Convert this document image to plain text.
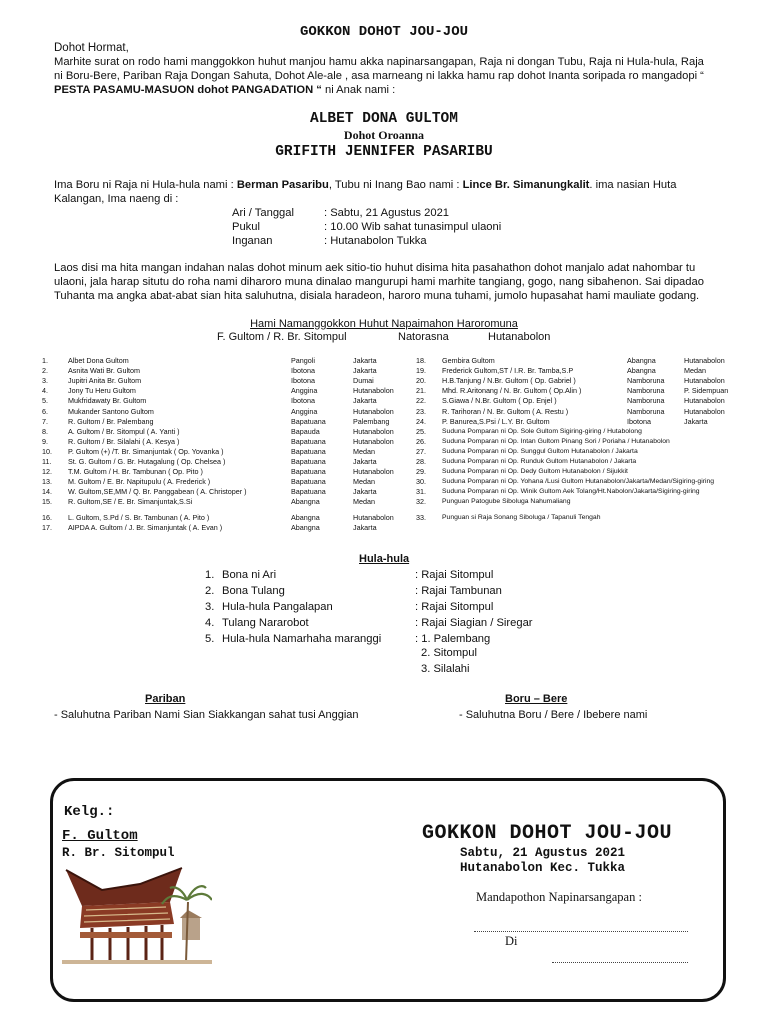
GOKKON DOHOT JOU-JOU
Dohot Hormat,
Marhite surat on rodo hami manggokkon huhut manjou hamu akka napinarsangapan, Raja ni dongan Tubu, Raja ni Hula-hula, Raja
ni Boru-Bere, Pariban Raja Dongan Sahuta, Dohot Ale-ale , asa marneang ni lakka hamu rap dohot Inanta soripada ro mangadopi “
PESTA PASAMU-MASUON dohot PANGADATION “ ni Anak nami :
ALBET DONA GULTOM
Dohot Oroanna
GRIFITH JENNIFER PASARIBU
Ima Boru ni Raja ni Hula-hula nami : Berman Pasaribu, Tubu ni Inang Bao nami : Lince Br. Simanungkalit. ima nasian Huta
Kalangan, Ima naeng di :
Ari / Tanggal	: Sabtu, 21 Agustus 2021
Pukul	: 10.00 Wib sahat tunasimpul ulaoni
Inganan	: Hutanabolon Tukka
Laos disi ma hita mangan indahan nalas dohot minum aek sitio-tio huhut disima hita pasahathon dohot manjalo adat nahombar tu
ulaoni, jala harap situtu do roha nami diharoro muna dinalao mangurupi hami marhite tangiang, gogo, nang sibahenon. Sai dipadao
Tuhanta ma angka abat-abat sian hita saluhutna, disiala haradeon, haroro muna tuhami, jumolo hupasahat hami mauliate godang.
Hami Namanggokkon Huhut Napaimahon Haroromuna
F. Gultom / R. Br. Sitompul	Natorasna	Hutanabolon
1.	Albet Dona Gultom	Pangoli	Jakarta
2.	Asnita Wati Br. Gultom	Ibotona	Jakarta
3.	Jupitri Anita Br. Gultom	Ibotona	Dumai
4.	Jony Tu Heru Gultom	Anggina	Hutanabolon
5.	Mukfridawaty Br. Gultom	Ibotona	Jakarta
6.	Mukander Santono Gultom	Anggina	Hutanabolon
7.	R. Gultom / Br. Palembang	Bapatuana	Palembang
8.	A. Gultom / Br. Sitompul ( A. Yanti )	Bapauda	Hutanabolon
9.	R. Gultom / Br. Silalahi ( A. Kesya )	Bapatuana	Hutanabolon
10. P. Gultom (+) /T. Br. Simanjuntak ( Op. Yovanka )	Bapatuana	Medan
11. St. G. Gultom / G. Br. Hutagalung ( Op. Chelsea )	Bapatuana	Jakarta
12. T.M. Gultom / H. Br. Tambunan ( Op. Pito )	Bapatuana	Hutanabolon
13. M. Gultom / E. Br. Napitupulu ( A. Frederick )	Bapatuana	Medan
14. W. Gultom,SE,MM / Q. Br. Panggabean ( A. Christoper )	Bapatuana	Jakarta
15. R. Gultom,SE / E. Br. Simanjuntak,S.Si	Abangna	Medan
16. L. Gultom, S.Pd / S. Br. Tambunan ( A. Pito )	Abangna	Hutanabolon
17. AIPDA A. Gultom / J. Br. Simanjuntak ( A. Evan )	Abangna	Jakarta
18. Gembira Gultom	Abangna	Hutanabolon
19. Frederick Gultom,ST / I.R. Br. Tamba,S.P	Abangna	Medan
20. H.B.Tanjung / N.Br. Gultom ( Op. Gabriel )	Namboruna	Hutanabolon
21. Mhd. R.Aritonang / N. Br. Gultom ( Op.Alin )	Namboruna	P. Sidempuan
22. S.Giawa / N.Br. Gultom ( Op. Enjel )	Namboruna	Hutanabolon
23. R. Tarihoran / N. Br. Gultom ( A. Restu )	Namboruna	Hutanabolon
24. P. Banurea,S.Psi / L.Y. Br. Gultom	Ibotona	Jakarta
25. Suduna Pomparan ni Op. Sole Gultom Sigiring-giring / Hutabolong
26. Suduna Pomparan ni Op. Intan Gultom Pinang Sori / Poriaha / Hutanabolon
27. Suduna Pomparan ni Op. Sunggul Gultom Hutanabolon / Jakarta
28. Suduna Pomparan ni Op. Runduk Gultom Hutanabolon / Jakarta
29. Suduna Pomparan ni Op. Dedy Gultom Hutanabolon / Sijukkit
30. Suduna Pomparan ni Op. Yohana /Lusi Gultom Hutanabolon/Jakarta/Medan/Sigiring-giring
31. Suduna Pomparan ni Op. Winik Gultom Aek Tolang/Ht.Nabolon/Jakarta/Sigiring-giring
32. Punguan Patogube Siboluga Nahumaliang
33. Punguan si Raja Sonang Siboluga / Tapanuli Tengah
Hula-hula
1. Bona ni Ari	: Rajai Sitompul
2. Bona Tulang	: Rajai Tambunan
3. Hula-hula Pangalapan	: Rajai Sitompul
4. Tulang Nararobot	: Rajai Siagian / Siregar
5. Hula-hula Namarhaha maranggi	: 1. Palembang
2. Sitompul
3. Silalahi
Pariban
- Saluhutna Pariban Nami Sian Siakkangan sahat tusi Anggian
Boru – Bere
- Saluhutna Boru / Bere / Ibebere nami
Kelg.:
F. Gultom
R. Br. Sitompul
GOKKON DOHOT JOU-JOU
Sabtu, 21 Agustus 2021
Hutanabolon Kec. Tukka
Mandapothon Napinarsangapan :
Di
